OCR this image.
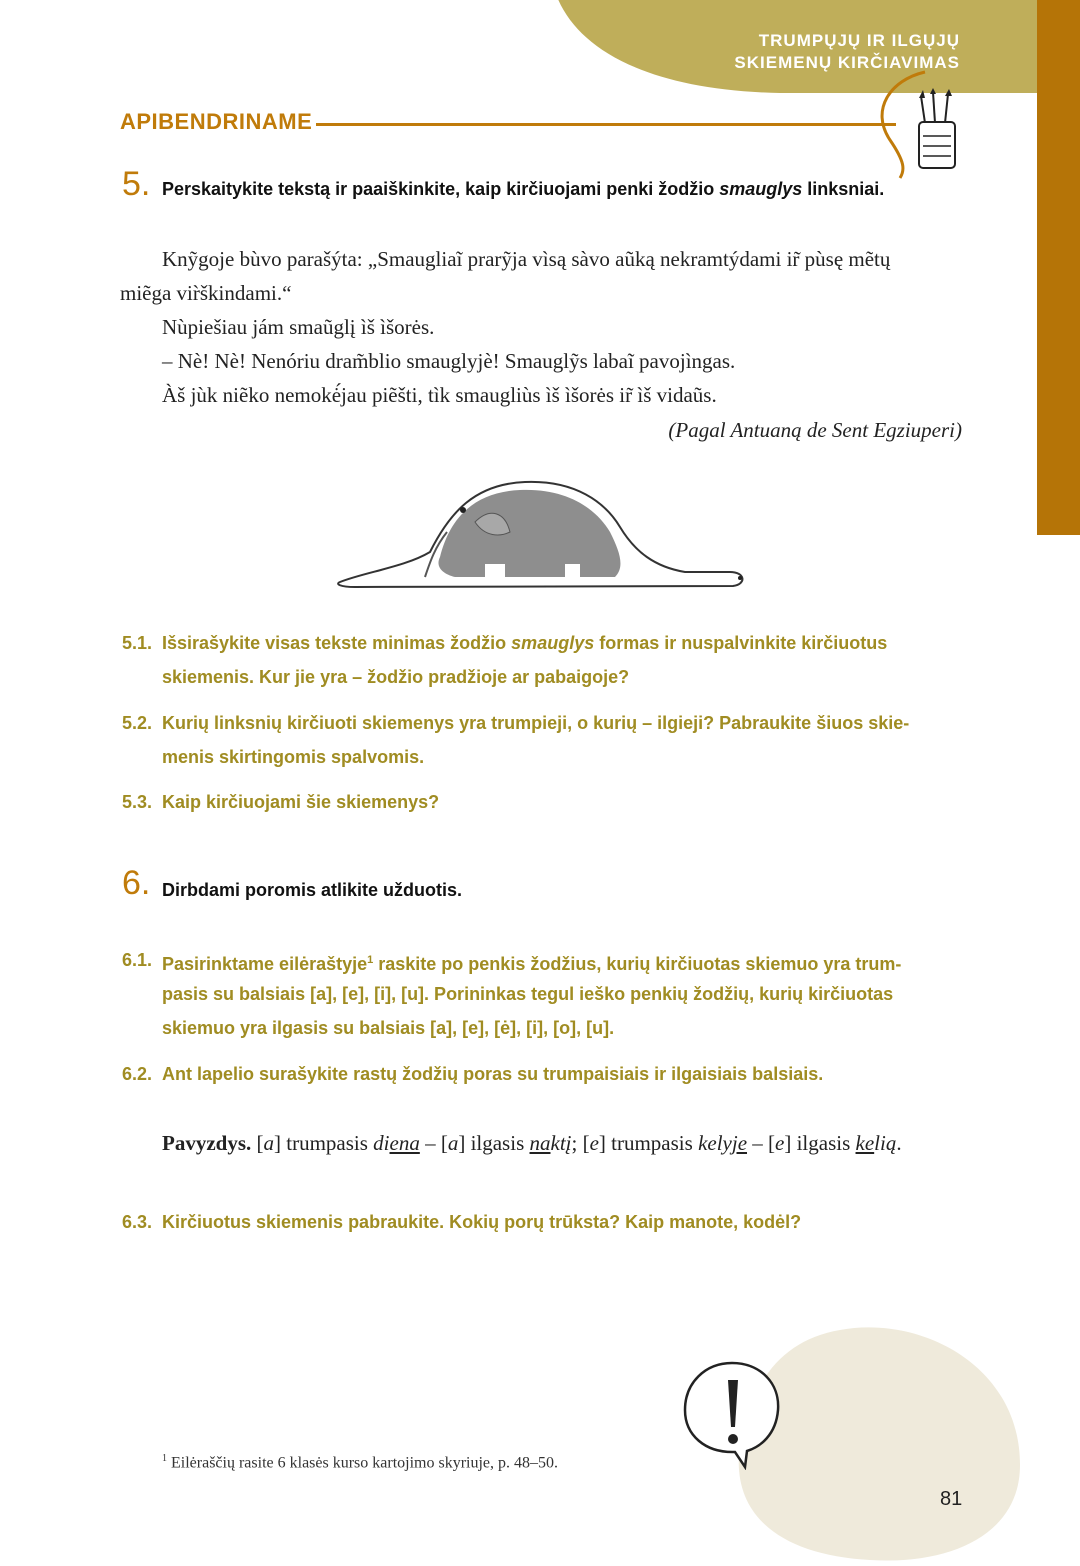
TRUMPŲJŲ IR ILGŲJŲ
SKIEMENŲ KIRČIAVIMAS
APIBENDRINAME
5. Perskaitykite tekstą ir paaiškinkite, kaip kirčiuojami penki žodžio smauglys linksniai.
Knỹgoje bùvo parašýta: „Smaugliaĩ prarỹja vìsą sàvo aũką nekramtýdami ir̃ pùsę mẽtų
miẽga vir̀škindami.“
Nùpiešiau jám smaũglį ìš ìšorės.
– Nè! Nè! Nenóriu dram̃blio smauglyjè! Smauglỹs labaĩ pavojìngas.
Àš jùk niẽko nemokė́jau piẽšti, tìk smaugliùs ìš ìšorės ir̃ ìš vidaũs.
(Pagal Antuaną de Sent Egziuperi)
5.1. Išsirašykite visas tekste minimas žodžio smauglys formas ir nuspalvinkite kirčiuotus
skiemenis. Kur jie yra – žodžio pradžioje ar pabaigoje?
5.2. Kurių linksnių kirčiuoti skiemenys yra trumpieji, o kurių – ilgieji? Pabraukite šiuos skie-
menis skirtingomis spalvomis.
5.3. Kaip kirčiuojami šie skiemenys?
6. Dirbdami poromis atlikite užduotis.
6.1. Pasirinktame eilėraštyje$^1$ raskite po penkis žodžius, kurių kirčiuotas skiemuo yra trum-
pasis su balsiais [a], [e], [i], [u]. Porininkas tegul ieško penkių žodžių, kurių kirčiuotas
skiemuo yra ilgasis su balsiais [a], [e], [ė], [i], [o], [u].
6.2. Ant lapelio surašykite rastų žodžių poras su trumpaisiais ir ilgaisiais balsiais.
Pavyzdys. [a] trumpasis diena – [a] ilgasis naktį; [e] trumpasis kelyje – [e] ilgasis kelią.
6.3. Kirčiuotus skiemenis pabraukite. Kokių porų trūksta? Kaip manote, kodėl?
$^1$ Eilėraščių rasite 6 klasės kurso kartojimo skyriuje, p. 48–50.
81
